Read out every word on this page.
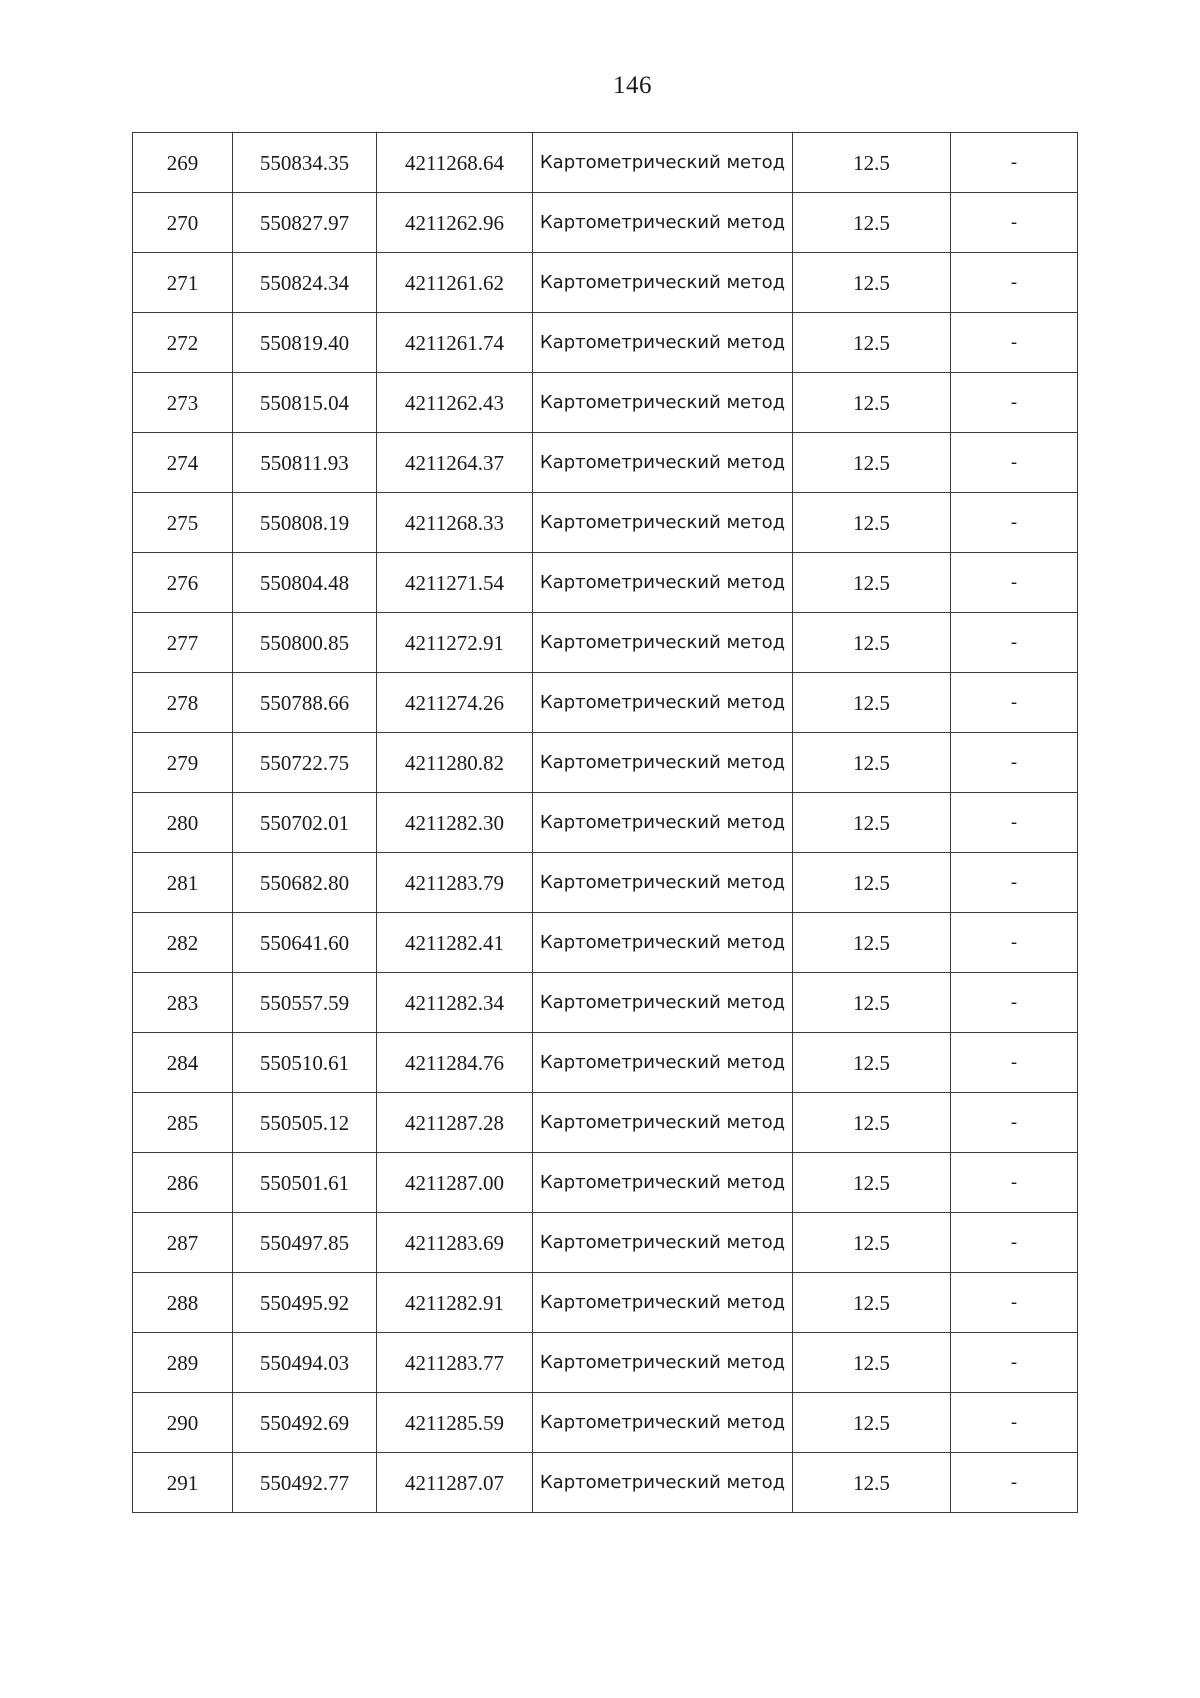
146
269	550834.35	4211268.64	Картометрический метод	12.5	-
270	550827.97	4211262.96	Картометрический метод	12.5	-
271	550824.34	4211261.62	Картометрический метод	12.5	-
272	550819.40	4211261.74	Картометрический метод	12.5	-
273	550815.04	4211262.43	Картометрический метод	12.5	-
274	550811.93	4211264.37	Картометрический метод	12.5	-
275	550808.19	4211268.33	Картометрический метод	12.5	-
276	550804.48	4211271.54	Картометрический метод	12.5	-
277	550800.85	4211272.91	Картометрический метод	12.5	-
278	550788.66	4211274.26	Картометрический метод	12.5	-
279	550722.75	4211280.82	Картометрический метод	12.5	-
280	550702.01	4211282.30	Картометрический метод	12.5	-
281	550682.80	4211283.79	Картометрический метод	12.5	-
282	550641.60	4211282.41	Картометрический метод	12.5	-
283	550557.59	4211282.34	Картометрический метод	12.5	-
284	550510.61	4211284.76	Картометрический метод	12.5	-
285	550505.12	4211287.28	Картометрический метод	12.5	-
286	550501.61	4211287.00	Картометрический метод	12.5	-
287	550497.85	4211283.69	Картометрический метод	12.5	-
288	550495.92	4211282.91	Картометрический метод	12.5	-
289	550494.03	4211283.77	Картометрический метод	12.5	-
290	550492.69	4211285.59	Картометрический метод	12.5	-
291	550492.77	4211287.07	Картометрический метод	12.5	-
